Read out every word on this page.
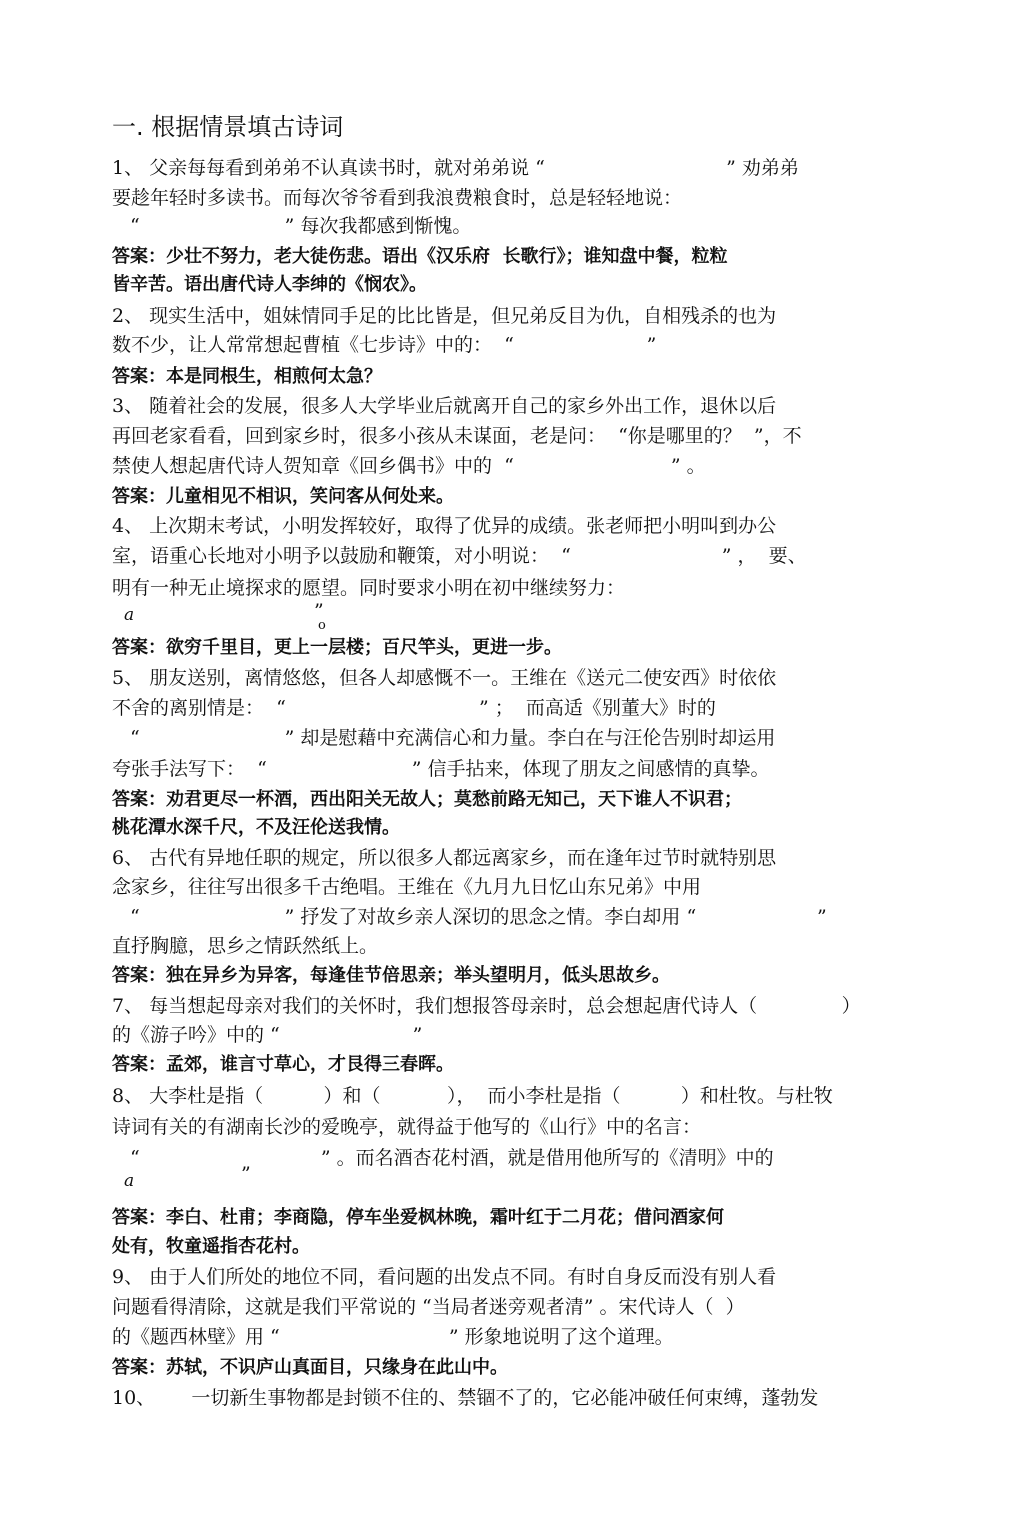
一. 根据情景填古诗词
1、 父亲每每看到弟弟不认真读书时，就对弟弟说 “                              ” 劝弟弟
要趁年轻时多读书。而每次爷爷看到我浪费粮食时，总是轻轻地说：
“                        ” 每次我都感到惭愧。
答案：少壮不努力，老大徒伤悲。语出《汉乐府  长歌行》；谁知盘中餐，粒粒
皆辛苦。语出唐代诗人李绅的《悯农》。
2、 现实生活中，姐妹情同手足的比比皆是，但兄弟反目为仇，自相残杀的也为
数不少，让人常常想起曹植《七步诗》中的：  “                      ”
答案：本是同根生，相煎何太急？
3、 随着社会的发展，很多人大学毕业后就离开自己的家乡外出工作，退休以后
再回老家看看，回到家乡时，很多小孩从未谋面，老是问：  “你是哪里的？  ”，不
禁使人想起唐代诗人贺知章《回乡偶书》中的  “                          ” 。
答案：儿童相见不相识，笑问客从何处来。
4、 上次期末考试，小明发挥较好，取得了优异的成绩。张老师把小明叫到办公
室，语重心长地对小明予以鼓励和鞭策，对小明说：  “                         ” ，  要、
明有一种无止境探求的愿望。同时要求小明在初中继续努力：
a	”
o
答案：欲穷千里目，更上一层楼；百尺竿头，更进一步。
5、 朋友送别，离情悠悠，但各人却感慨不一。王维在《送元二使安西》时依依
不舍的离别情是：  “                                ” ；  而高适《别董大》时的
“                        ” 却是慰藉中充满信心和力量。李白在与汪伦告别时却运用
夸张手法写下：  “                        ” 信手拈来，体现了朋友之间感情的真挚。
答案：劝君更尽一杯酒，西出阳关无故人；莫愁前路无知己，天下谁人不识君；
桃花潭水深千尺，不及汪伦送我情。
6、 古代有异地任职的规定，所以很多人都远离家乡，而在逢年过节时就特别思
念家乡，往往写出很多千古绝唱。王维在《九月九日忆山东兄弟》中用
“                        ” 抒发了对故乡亲人深切的思念之情。李白却用 “                    ”
直抒胸臆，思乡之情跃然纸上。
答案：独在异乡为异客，每逢佳节倍思亲；举头望明月，低头思故乡。
7、 每当想起母亲对我们的关怀时，我们想报答母亲时，总会想起唐代诗人（              ）
的《游子吟》中的 “                      ”
答案：孟郊，谁言寸草心，才艮得三春晖。
8、 大李杜是指（          ）和（           ），  而小李杜是指（          ）和杜牧。与杜牧
诗词有关的有湖南长沙的爱晚亭，就得益于他写的《山行》中的名言：
“                              ” 。而名酒杏花村酒，就是借用他所写的《清明》中的
a	”
答案：李白、杜甫；李商隐，停车坐爱枫林晚，霜叶红于二月花；借问酒家何
处有，牧童遥指杏花村。
9、 由于人们所处的地位不同，看问题的出发点不同。有时自身反而没有别人看
问题看得清除，这就是我们平常说的 “当局者迷旁观者清” 。宋代诗人（  ）
的《题西林壁》用 “                            ” 形象地说明了这个道理。
答案：苏轼，不识庐山真面目，只缘身在此山中。
10、      一切新生事物都是封锁不住的、禁锢不了的，它必能冲破任何束缚，蓬勃发
